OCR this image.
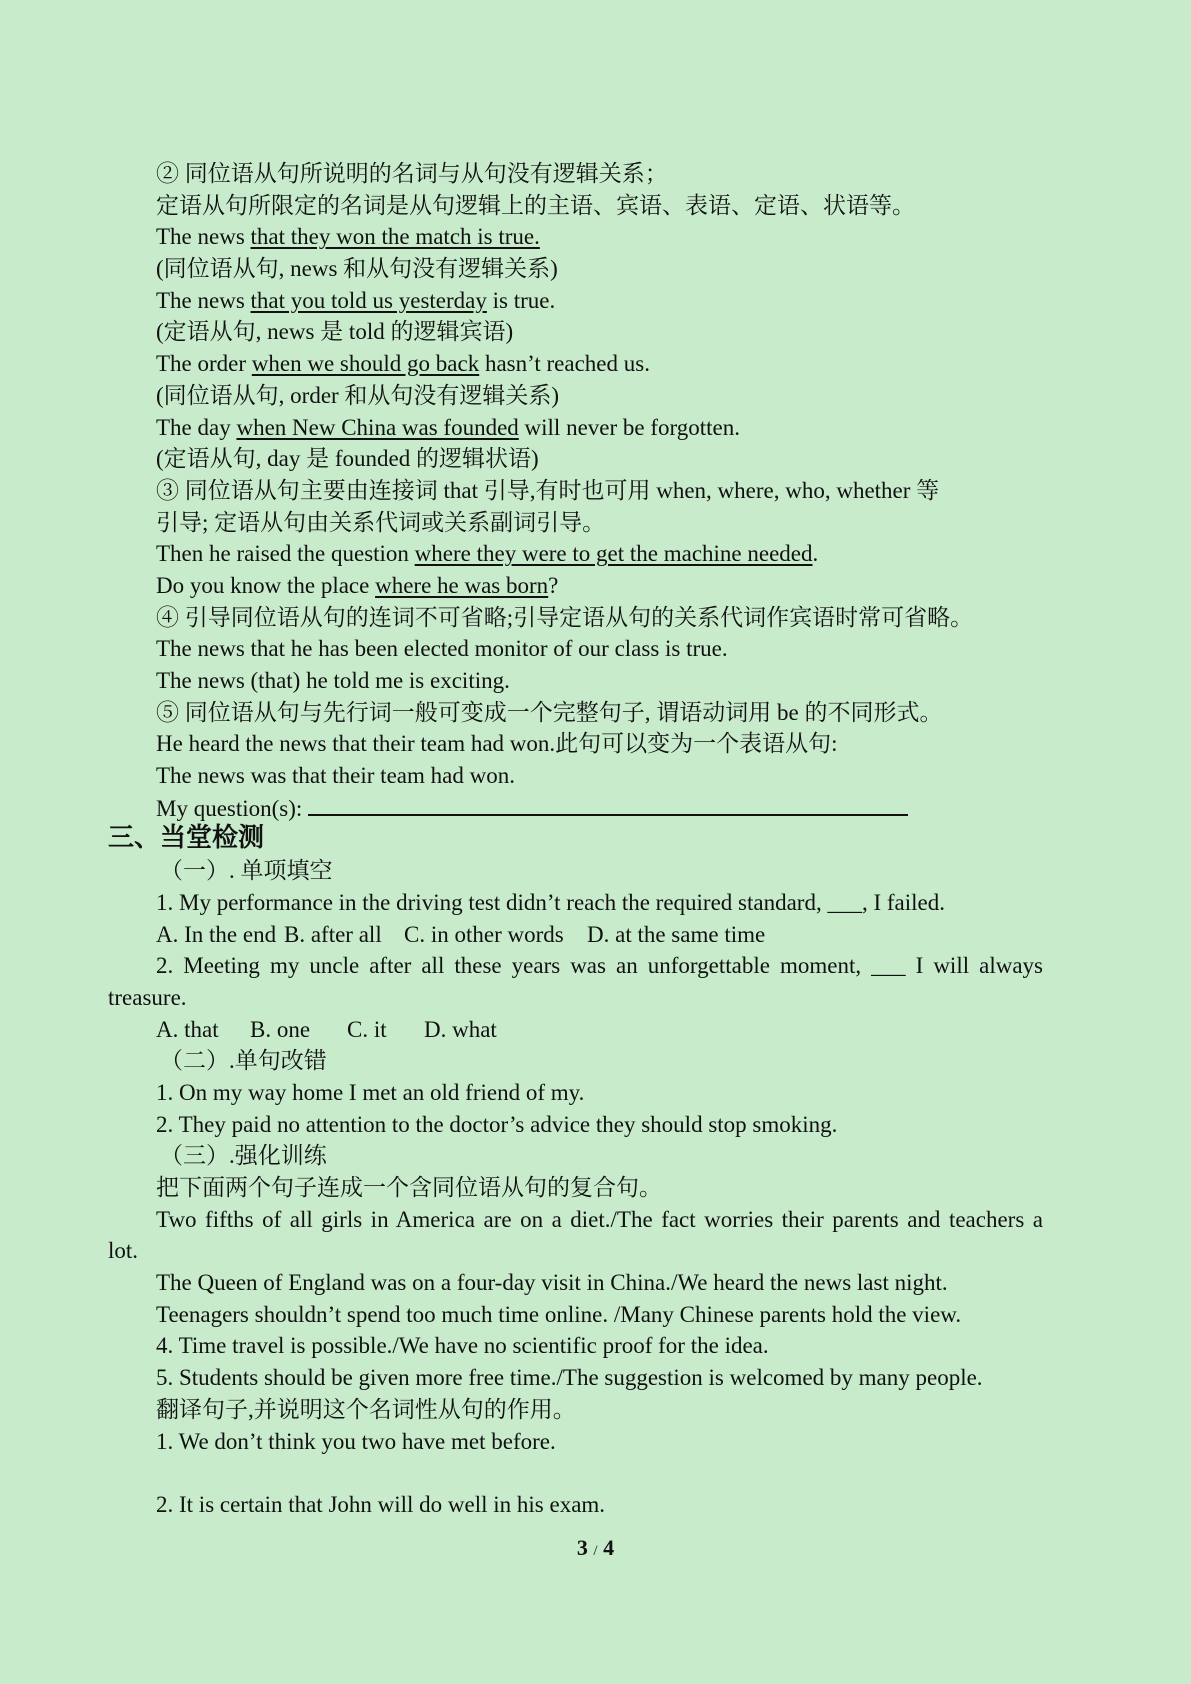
② 同位语从句所说明的名词与从句没有逻辑关系；
定语从句所限定的名词是从句逻辑上的主语、宾语、表语、定语、状语等。
The news that they won the match is true.
(同位语从句, news 和从句没有逻辑关系)
The news that you told us yesterday is true.
(定语从句, news 是 told 的逻辑宾语)
The order when we should go back hasn’t reached us.
(同位语从句, order 和从句没有逻辑关系)
The day when New China was founded will never be forgotten.
(定语从句, day 是 founded 的逻辑状语)
③ 同位语从句主要由连接词 that 引导,有时也可用 when, where, who, whether 等
引导; 定语从句由关系代词或关系副词引导。
Then he raised the question where they were to get the machine needed.
Do you know the place where he was born?
④ 引导同位语从句的连词不可省略;引导定语从句的关系代词作宾语时常可省略。
The news that he has been elected monitor of our class is true.
The news (that) he told me is exciting.
⑤ 同位语从句与先行词一般可变成一个完整句子, 谓语动词用 be 的不同形式。
He heard the news that their team had won.此句可以变为一个表语从句:
The news was that their team had won.
My question(s):
三、当堂检测
（一）. 单项填空
1. My performance in the driving test didn’t reach the required standard, ___, I failed.
A. In the end B. after all C. in other words D. at the same time
2. Meeting my uncle after all these years was an unforgettable moment, ___ I will always
treasure.
A. that B. one C. it D. what
（二）.单句改错
1. On my way home I met an old friend of my.
2. They paid no attention to the doctor’s advice they should stop smoking.
（三）.强化训练
把下面两个句子连成一个含同位语从句的复合句。
Two fifths of all girls in America are on a diet./The fact worries their parents and teachers a
lot.
The Queen of England was on a four-day visit in China./We heard the news last night.
Teenagers shouldn’t spend too much time online. /Many Chinese parents hold the view.
4. Time travel is possible./We have no scientific proof for the idea.
5. Students should be given more free time./The suggestion is welcomed by many people.
翻译句子,并说明这个名词性从句的作用。
1. We don’t think you two have met before.
2. It is certain that John will do well in his exam.
3 / 4
